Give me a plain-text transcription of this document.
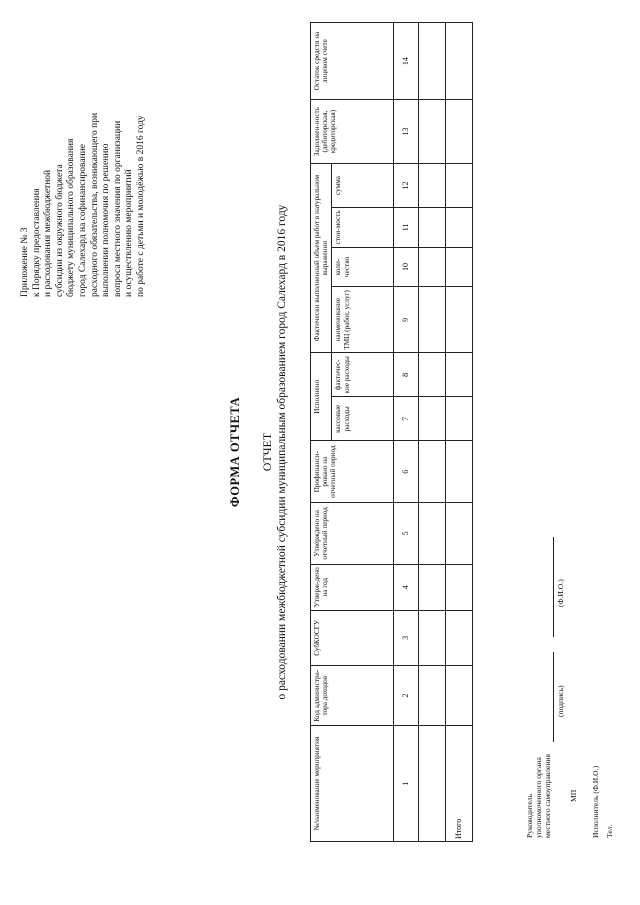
Приложение № 3 к Порядку предоставления и расходования межбюджетной субсидии из окружного бюджета бюджету муниципального образования город Салехард на софинансирование расходного обязательства, возникающего при выполнении полномочия по решению вопроса местного значения по организации и осуществлению мероприятий по работе с детьми и молодёжью в 2016 году
ФОРМА ОТЧЕТА ОТЧЕТ о расходовании межбюджетной субсидии муниципальным образованием город Салехард в 2016 году
№/наименование мероприятия	Код администра-тора доходов	СубКОСГУ	Утверж-дено на год	Утверждено на отчетный период	Профинанси-ровано на отчетный период	Исполнено		Фактически выполненный объем работ в натуральном выражении				Задолжен-ность (дебиторская, кредиторская)	Остаток средств на лицевом счете
						кассовые расходы	фактичес-кие расходы	наименование ТМЦ (работ, услуг)	коли-чество	стои-мость	сумма		
1	2	3	4	5	6	7	8	9	10	11	12	13	14

Итого														Руководитель уполномоченного органа местного самоуправления
(подпись)
(Ф.И.О.)
МП Исполнитель (Ф.И.О.) Тел.
